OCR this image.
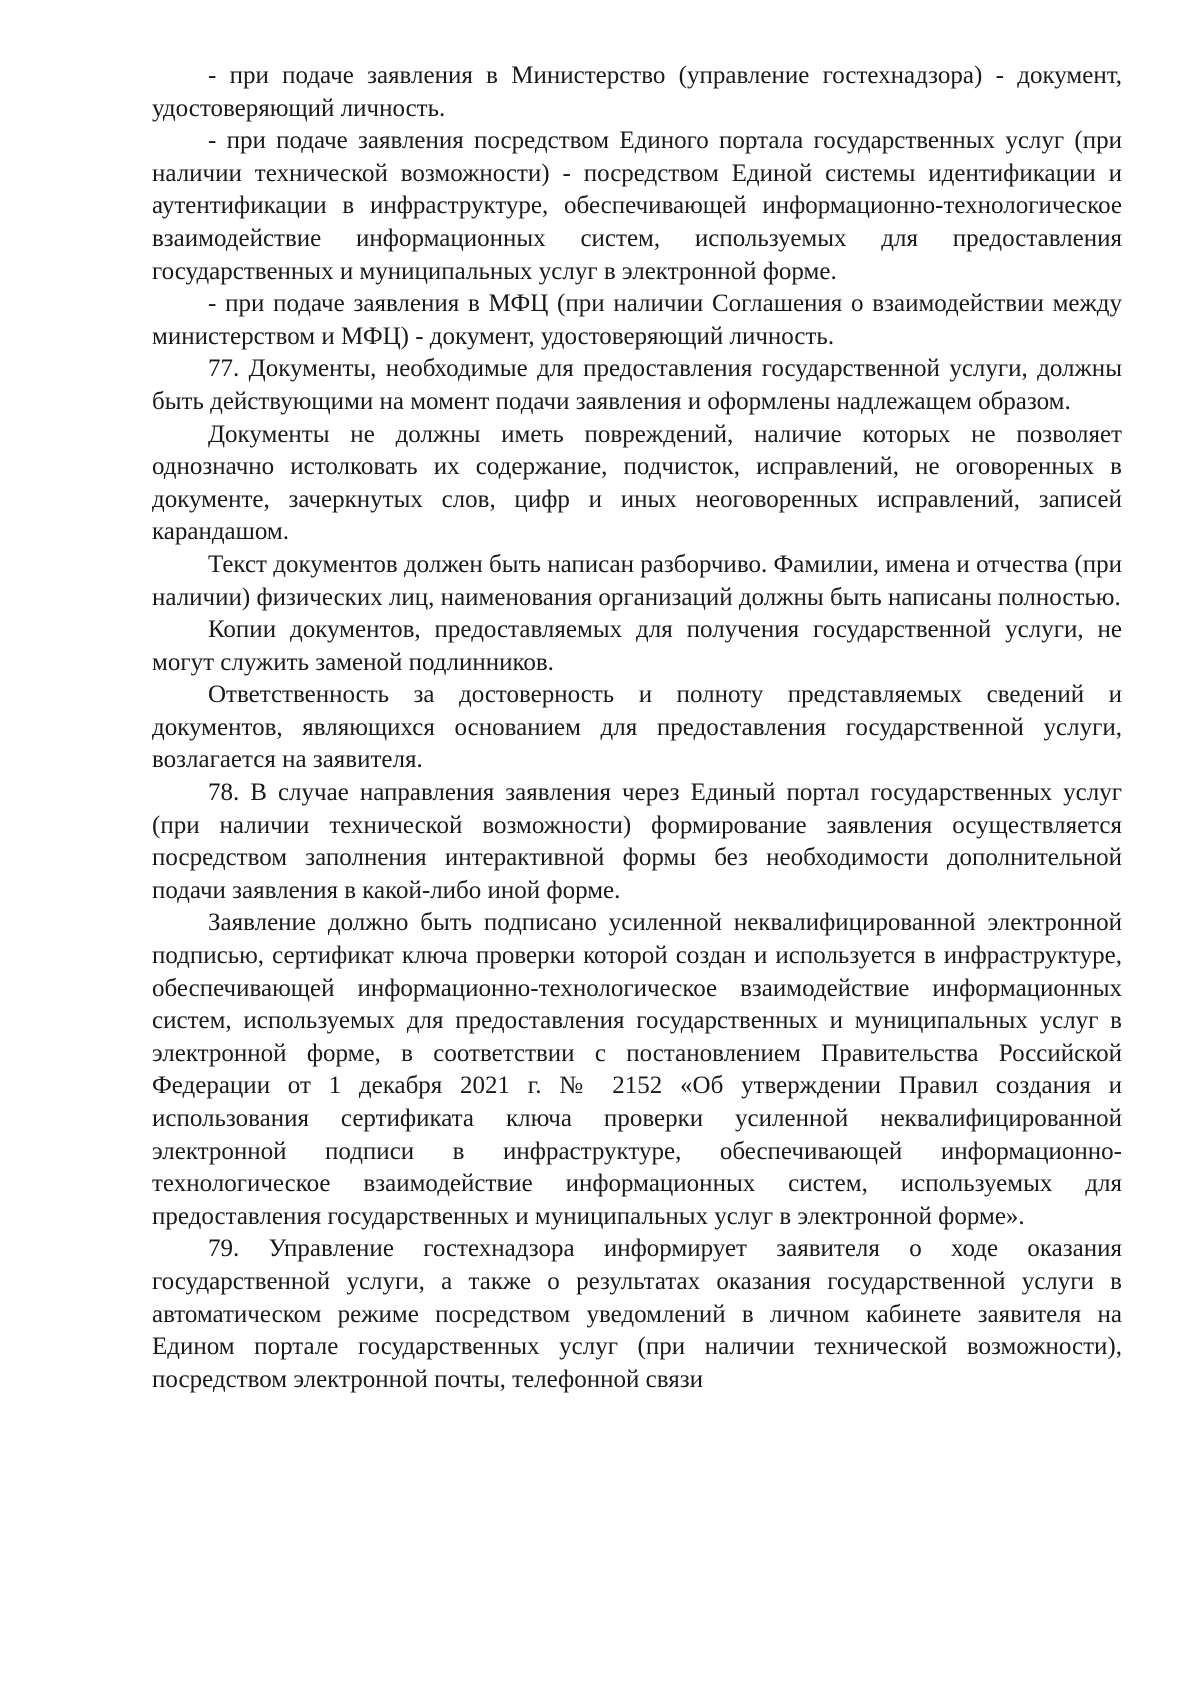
- при подаче заявления в Министерство (управление гостехнадзора) - документ, удостоверяющий личность.

- при подаче заявления посредством Единого портала государственных услуг (при наличии технической возможности) - посредством Единой системы идентификации и аутентификации в инфраструктуре, обеспечивающей информационно-технологическое взаимодействие информационных систем, используемых для предоставления государственных и муниципальных услуг в электронной форме.

- при подаче заявления в МФЦ (при наличии Соглашения о взаимодействии между министерством и МФЦ) - документ, удостоверяющий личность.

77. Документы, необходимые для предоставления государственной услуги, должны быть действующими на момент подачи заявления и оформлены надлежащем образом.

Документы не должны иметь повреждений, наличие которых не позволяет однозначно истолковать их содержание, подчисток, исправлений, не оговоренных в документе, зачеркнутых слов, цифр и иных неоговоренных исправлений, записей карандашом.

Текст документов должен быть написан разборчиво. Фамилии, имена и отчества (при наличии) физических лиц, наименования организаций должны быть написаны полностью.

Копии документов, предоставляемых для получения государственной услуги, не могут служить заменой подлинников.

Ответственность за достоверность и полноту представляемых сведений и документов, являющихся основанием для предоставления государственной услуги, возлагается на заявителя.

78. В случае направления заявления через Единый портал государственных услуг (при наличии технической возможности) формирование заявления осуществляется посредством заполнения интерактивной формы без необходимости дополнительной подачи заявления в какой-либо иной форме.

Заявление должно быть подписано усиленной неквалифицированной электронной подписью, сертификат ключа проверки которой создан и используется в инфраструктуре, обеспечивающей информационно-технологическое взаимодействие информационных систем, используемых для предоставления государственных и муниципальных услуг в электронной форме, в соответствии с постановлением Правительства Российской Федерации от 1 декабря 2021 г. № 2152 «Об утверждении Правил создания и использования сертификата ключа проверки усиленной неквалифицированной электронной подписи в инфраструктуре, обеспечивающей информационно-технологическое взаимодействие информационных систем, используемых для предоставления государственных и муниципальных услуг в электронной форме».

79. Управление гостехнадзора информирует заявителя о ходе оказания государственной услуги, а также о результатах оказания государственной услуги в автоматическом режиме посредством уведомлений в личном кабинете заявителя на Едином портале государственных услуг (при наличии технической возможности), посредством электронной почты, телефонной связи
